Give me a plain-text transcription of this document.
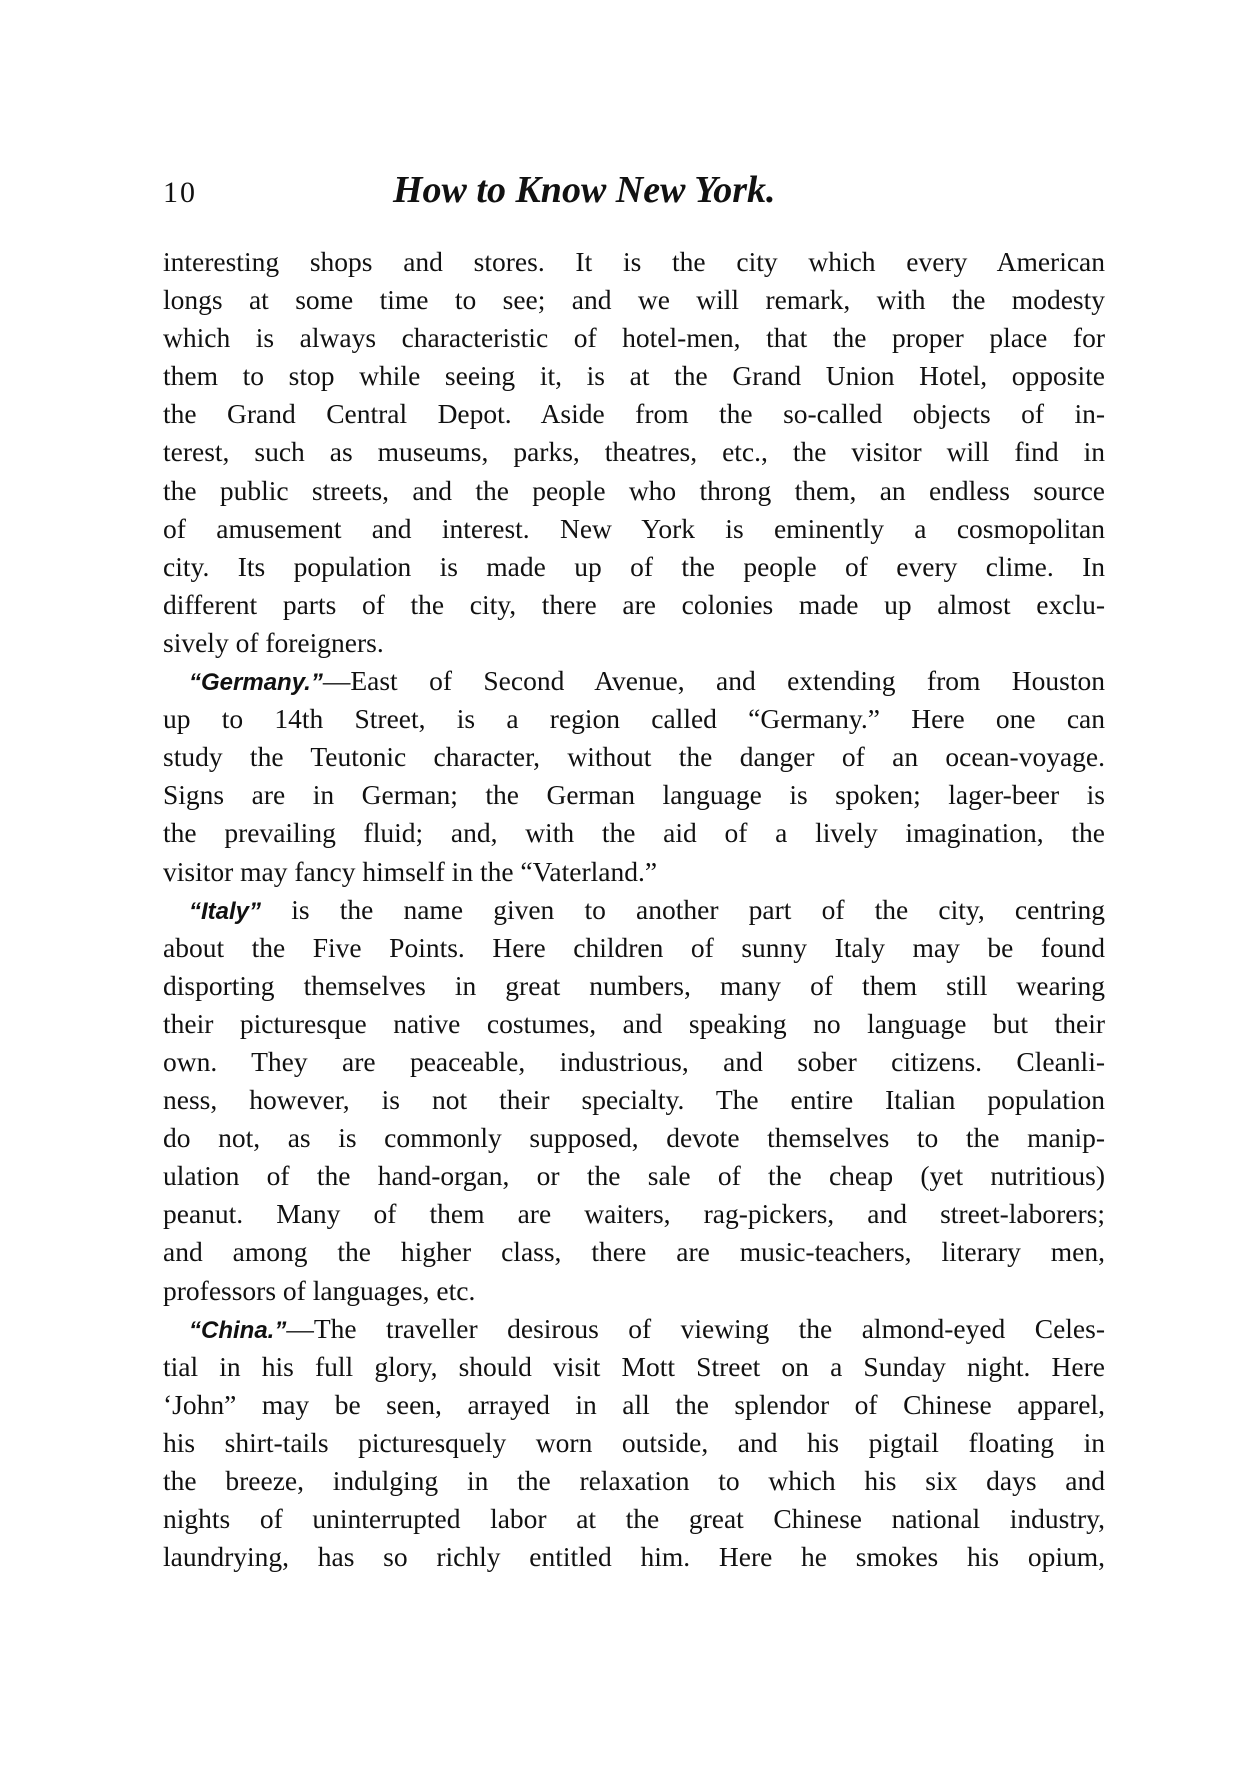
10	How to Know New York.
interesting shops and stores. It is the city which every American
longs at some time to see; and we will remark, with the modesty
which is always characteristic of hotel-men, that the proper place for
them to stop while seeing it, is at the Grand Union Hotel, opposite
the Grand Central Depot. Aside from the so-called objects of in-
terest, such as museums, parks, theatres, etc., the visitor will find in
the public streets, and the people who throng them, an endless source
of amusement and interest. New York is eminently a cosmopolitan
city. Its population is made up of the people of every clime. In
different parts of the city, there are colonies made up almost exclu-
sively of foreigners.
“Germany.”—East of Second Avenue, and extending from Houston
up to 14th Street, is a region called “Germany.” Here one can
study the Teutonic character, without the danger of an ocean-voyage.
Signs are in German; the German language is spoken; lager-beer is
the prevailing fluid; and, with the aid of a lively imagination, the
visitor may fancy himself in the “Vaterland.”
“Italy” is the name given to another part of the city, centring
about the Five Points. Here children of sunny Italy may be found
disporting themselves in great numbers, many of them still wearing
their picturesque native costumes, and speaking no language but their
own. They are peaceable, industrious, and sober citizens. Cleanli-
ness, however, is not their specialty. The entire Italian population
do not, as is commonly supposed, devote themselves to the manip-
ulation of the hand-organ, or the sale of the cheap (yet nutritious)
peanut. Many of them are waiters, rag-pickers, and street-laborers;
and among the higher class, there are music-teachers, literary men,
professors of languages, etc.
“China.”—The traveller desirous of viewing the almond-eyed Celes-
tial in his full glory, should visit Mott Street on a Sunday night. Here
‘John” may be seen, arrayed in all the splendor of Chinese apparel,
his shirt-tails picturesquely worn outside, and his pigtail floating in
the breeze, indulging in the relaxation to which his six days and
nights of uninterrupted labor at the great Chinese national industry,
laundrying, has so richly entitled him. Here he smokes his opium,
